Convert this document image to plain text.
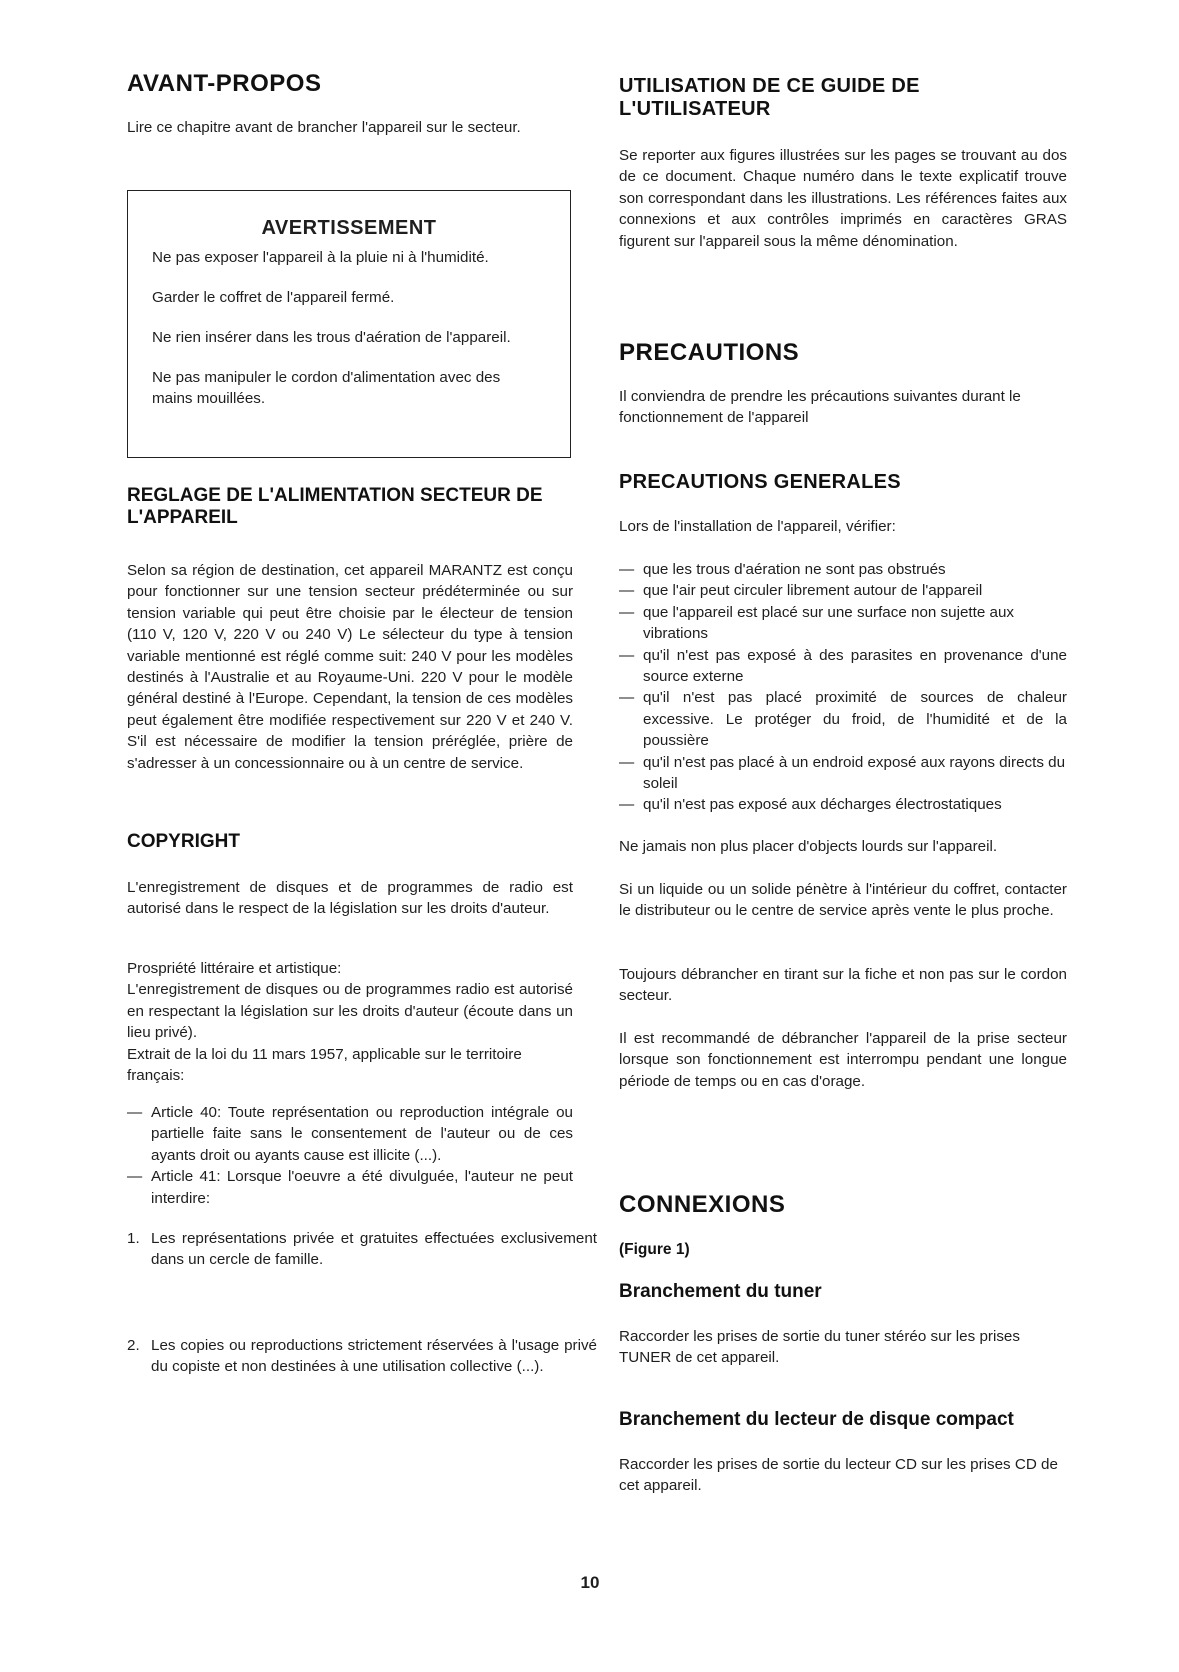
AVANT-PROPOS

Lire ce chapitre avant de brancher l'appareil sur le secteur.

AVERTISSEMENT

Ne pas exposer l'appareil à la pluie ni à l'humidité.

Garder le coffret de l'appareil fermé.

Ne rien insérer dans les trous d'aération de l'appareil.

Ne pas manipuler le cordon d'alimentation avec des mains mouillées.

REGLAGE DE L'ALIMENTATION SECTEUR DE L'APPAREIL

Selon sa région de destination, cet appareil MARANTZ est conçu pour fonctionner sur une tension secteur prédéterminée ou sur tension variable qui peut être choisie par le électeur de tension (110 V, 120 V, 220 V ou 240 V) Le sélecteur du type à tension variable mentionné est réglé comme suit: 240 V pour les modèles destinés à l'Australie et au Royaume-Uni. 220 V pour le modèle général destiné à l'Europe. Cependant, la tension de ces modèles peut également être modifiée respectivement sur 220 V et 240 V. S'il est nécessaire de modifier la tension préréglée, prière de s'adresser à un concessionnaire ou à un centre de service.

COPYRIGHT

L'enregistrement de disques et de programmes de radio est autorisé dans le respect de la législation sur les droits d'auteur.

Prospriété littéraire et artistique:

L'enregistrement de disques ou de programmes radio est autorisé en respectant la législation sur les droits d'auteur (écoute dans un lieu privé).

Extrait de la loi du 11 mars 1957, applicable sur le territoire français:

— Article 40: Toute représentation ou reproduction intégrale ou partielle faite sans le consentement de l'auteur ou de ces ayants droit ou ayants cause est illicite (...).

— Article 41: Lorsque l'oeuvre a été divulguée, l'auteur ne peut interdire:

1. Les représentations privée et gratuites effectuées exclusivement dans un cercle de famille.

2. Les copies ou reproductions strictement réservées à l'usage privé du copiste et non destinées à une utilisation collective (...).

UTILISATION DE CE GUIDE DE L'UTILISATEUR

Se reporter aux figures illustrées sur les pages se trouvant au dos de ce document. Chaque numéro dans le texte explicatif trouve son correspondant dans les illustrations. Les références faites aux connexions et aux contrôles imprimés en caractères GRAS figurent sur l'appareil sous la même dénomination.

PRECAUTIONS

Il conviendra de prendre les précautions suivantes durant le fonctionnement de l'appareil

PRECAUTIONS GENERALES

Lors de l'installation de l'appareil, vérifier:

— que les trous d'aération ne sont pas obstrués

— que l'air peut circuler librement autour de l'appareil

— que l'appareil est placé sur une surface non sujette aux vibrations

— qu'il n'est pas exposé à des parasites en provenance d'une source externe

— qu'il n'est pas placé proximité de sources de chaleur excessive. Le protéger du froid, de l'humidité et de la poussière

— qu'il n'est pas placé à un endroid exposé aux rayons directs du soleil

— qu'il n'est pas exposé aux décharges électrostatiques

Ne jamais non plus placer d'objects lourds sur l'appareil.

Si un liquide ou un solide pénètre à l'intérieur du coffret, contacter le distributeur ou le centre de service après vente le plus proche.

Toujours débrancher en tirant sur la fiche et non pas sur le cordon secteur.

Il est recommandé de débrancher l'appareil de la prise secteur lorsque son fonctionnement est interrompu pendant une longue période de temps ou en cas d'orage.

CONNEXIONS
(Figure 1)
Branchement du tuner

Raccorder les prises de sortie du tuner stéréo sur les prises TUNER de cet appareil.

Branchement du lecteur de disque compact

Raccorder les prises de sortie du lecteur CD sur les prises CD de cet appareil.

10
